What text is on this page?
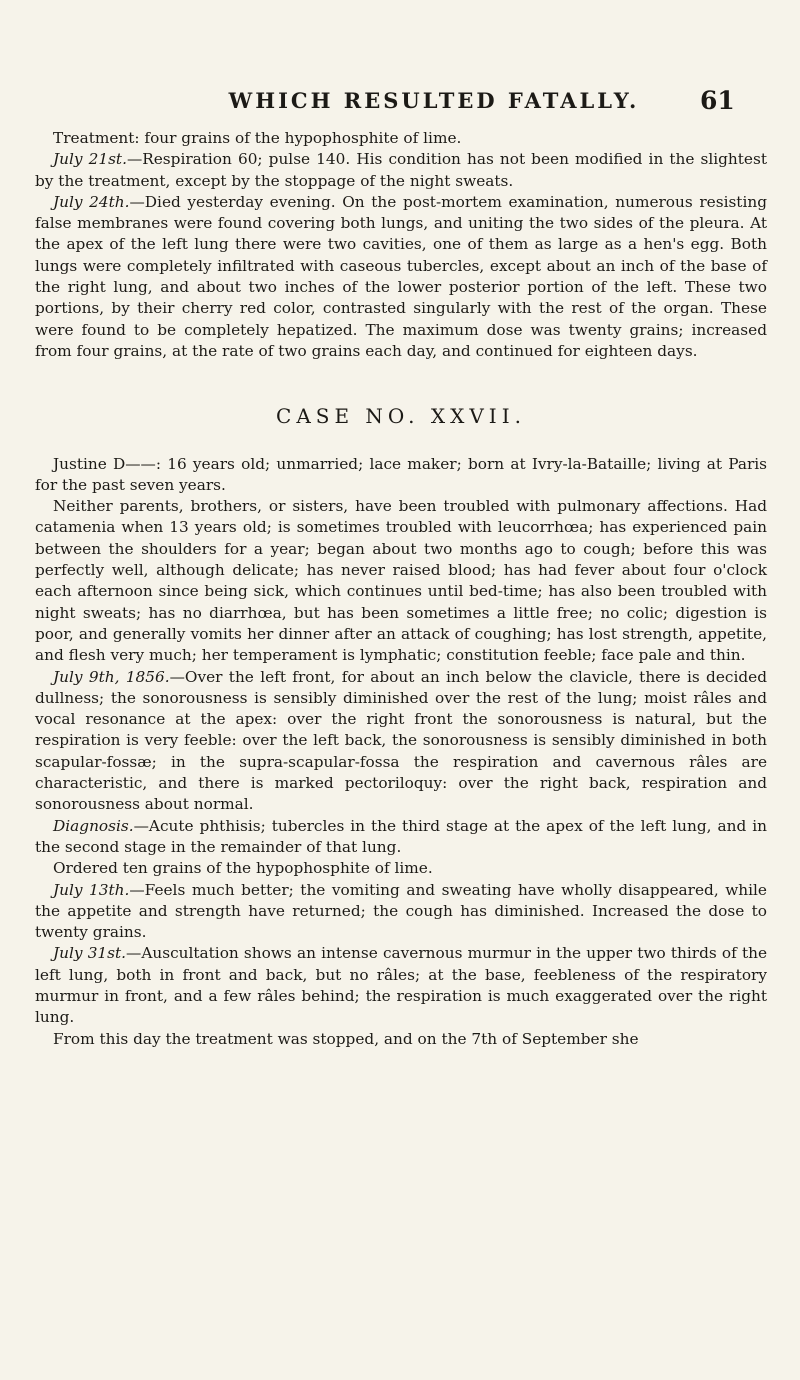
WHICH RESULTED FATALLY.	61

Treatment: four grains of the hypophosphite of lime.

July 21st.—Respiration 60; pulse 140. His condition has not been modified in the slightest by the treatment, except by the stoppage of the night sweats.

July 24th.—Died yesterday evening. On the post-mortem examination, numerous resisting false membranes were found covering both lungs, and uniting the two sides of the pleura. At the apex of the left lung there were two cavities, one of them as large as a hen's egg. Both lungs were completely infiltrated with caseous tubercles, except about an inch of the base of the right lung, and about two inches of the lower posterior portion of the left. These two portions, by their cherry red color, contrasted singularly with the rest of the organ. These were found to be completely hepatized. The maximum dose was twenty grains; increased from four grains, at the rate of two grains each day, and continued for eighteen days.

CASE NO. XXVII.

Justine D——: 16 years old; unmarried; lace maker; born at Ivry-la-Bataille; living at Paris for the past seven years.

Neither parents, brothers, or sisters, have been troubled with pulmonary affections. Had catamenia when 13 years old; is sometimes troubled with leucorrhœa; has experienced pain between the shoulders for a year; began about two months ago to cough; before this was perfectly well, although delicate; has never raised blood; has had fever about four o'clock each afternoon since being sick, which continues until bed-time; has also been troubled with night sweats; has no diarrhœa, but has been sometimes a little free; no colic; digestion is poor, and generally vomits her dinner after an attack of coughing; has lost strength, appetite, and flesh very much; her temperament is lymphatic; constitution feeble; face pale and thin.

July 9th, 1856.—Over the left front, for about an inch below the clavicle, there is decided dullness; the sonorousness is sensibly diminished over the rest of the lung; moist râles and vocal resonance at the apex: over the right front the sonorousness is natural, but the respiration is very feeble: over the left back, the sonorousness is sensibly diminished in both scapular-fossæ; in the supra-scapular-fossa the respiration and cavernous râles are characteristic, and there is marked pectoriloquy: over the right back, respiration and sonorousness about normal.

Diagnosis.—Acute phthisis; tubercles in the third stage at the apex of the left lung, and in the second stage in the remainder of that lung.

Ordered ten grains of the hypophosphite of lime.

July 13th.—Feels much better; the vomiting and sweating have wholly disappeared, while the appetite and strength have returned; the cough has diminished. Increased the dose to twenty grains.

July 31st.—Auscultation shows an intense cavernous murmur in the upper two thirds of the left lung, both in front and back, but no râles; at the base, feebleness of the respiratory murmur in front, and a few râles behind; the respiration is much exaggerated over the right lung.

From this day the treatment was stopped, and on the 7th of September she
